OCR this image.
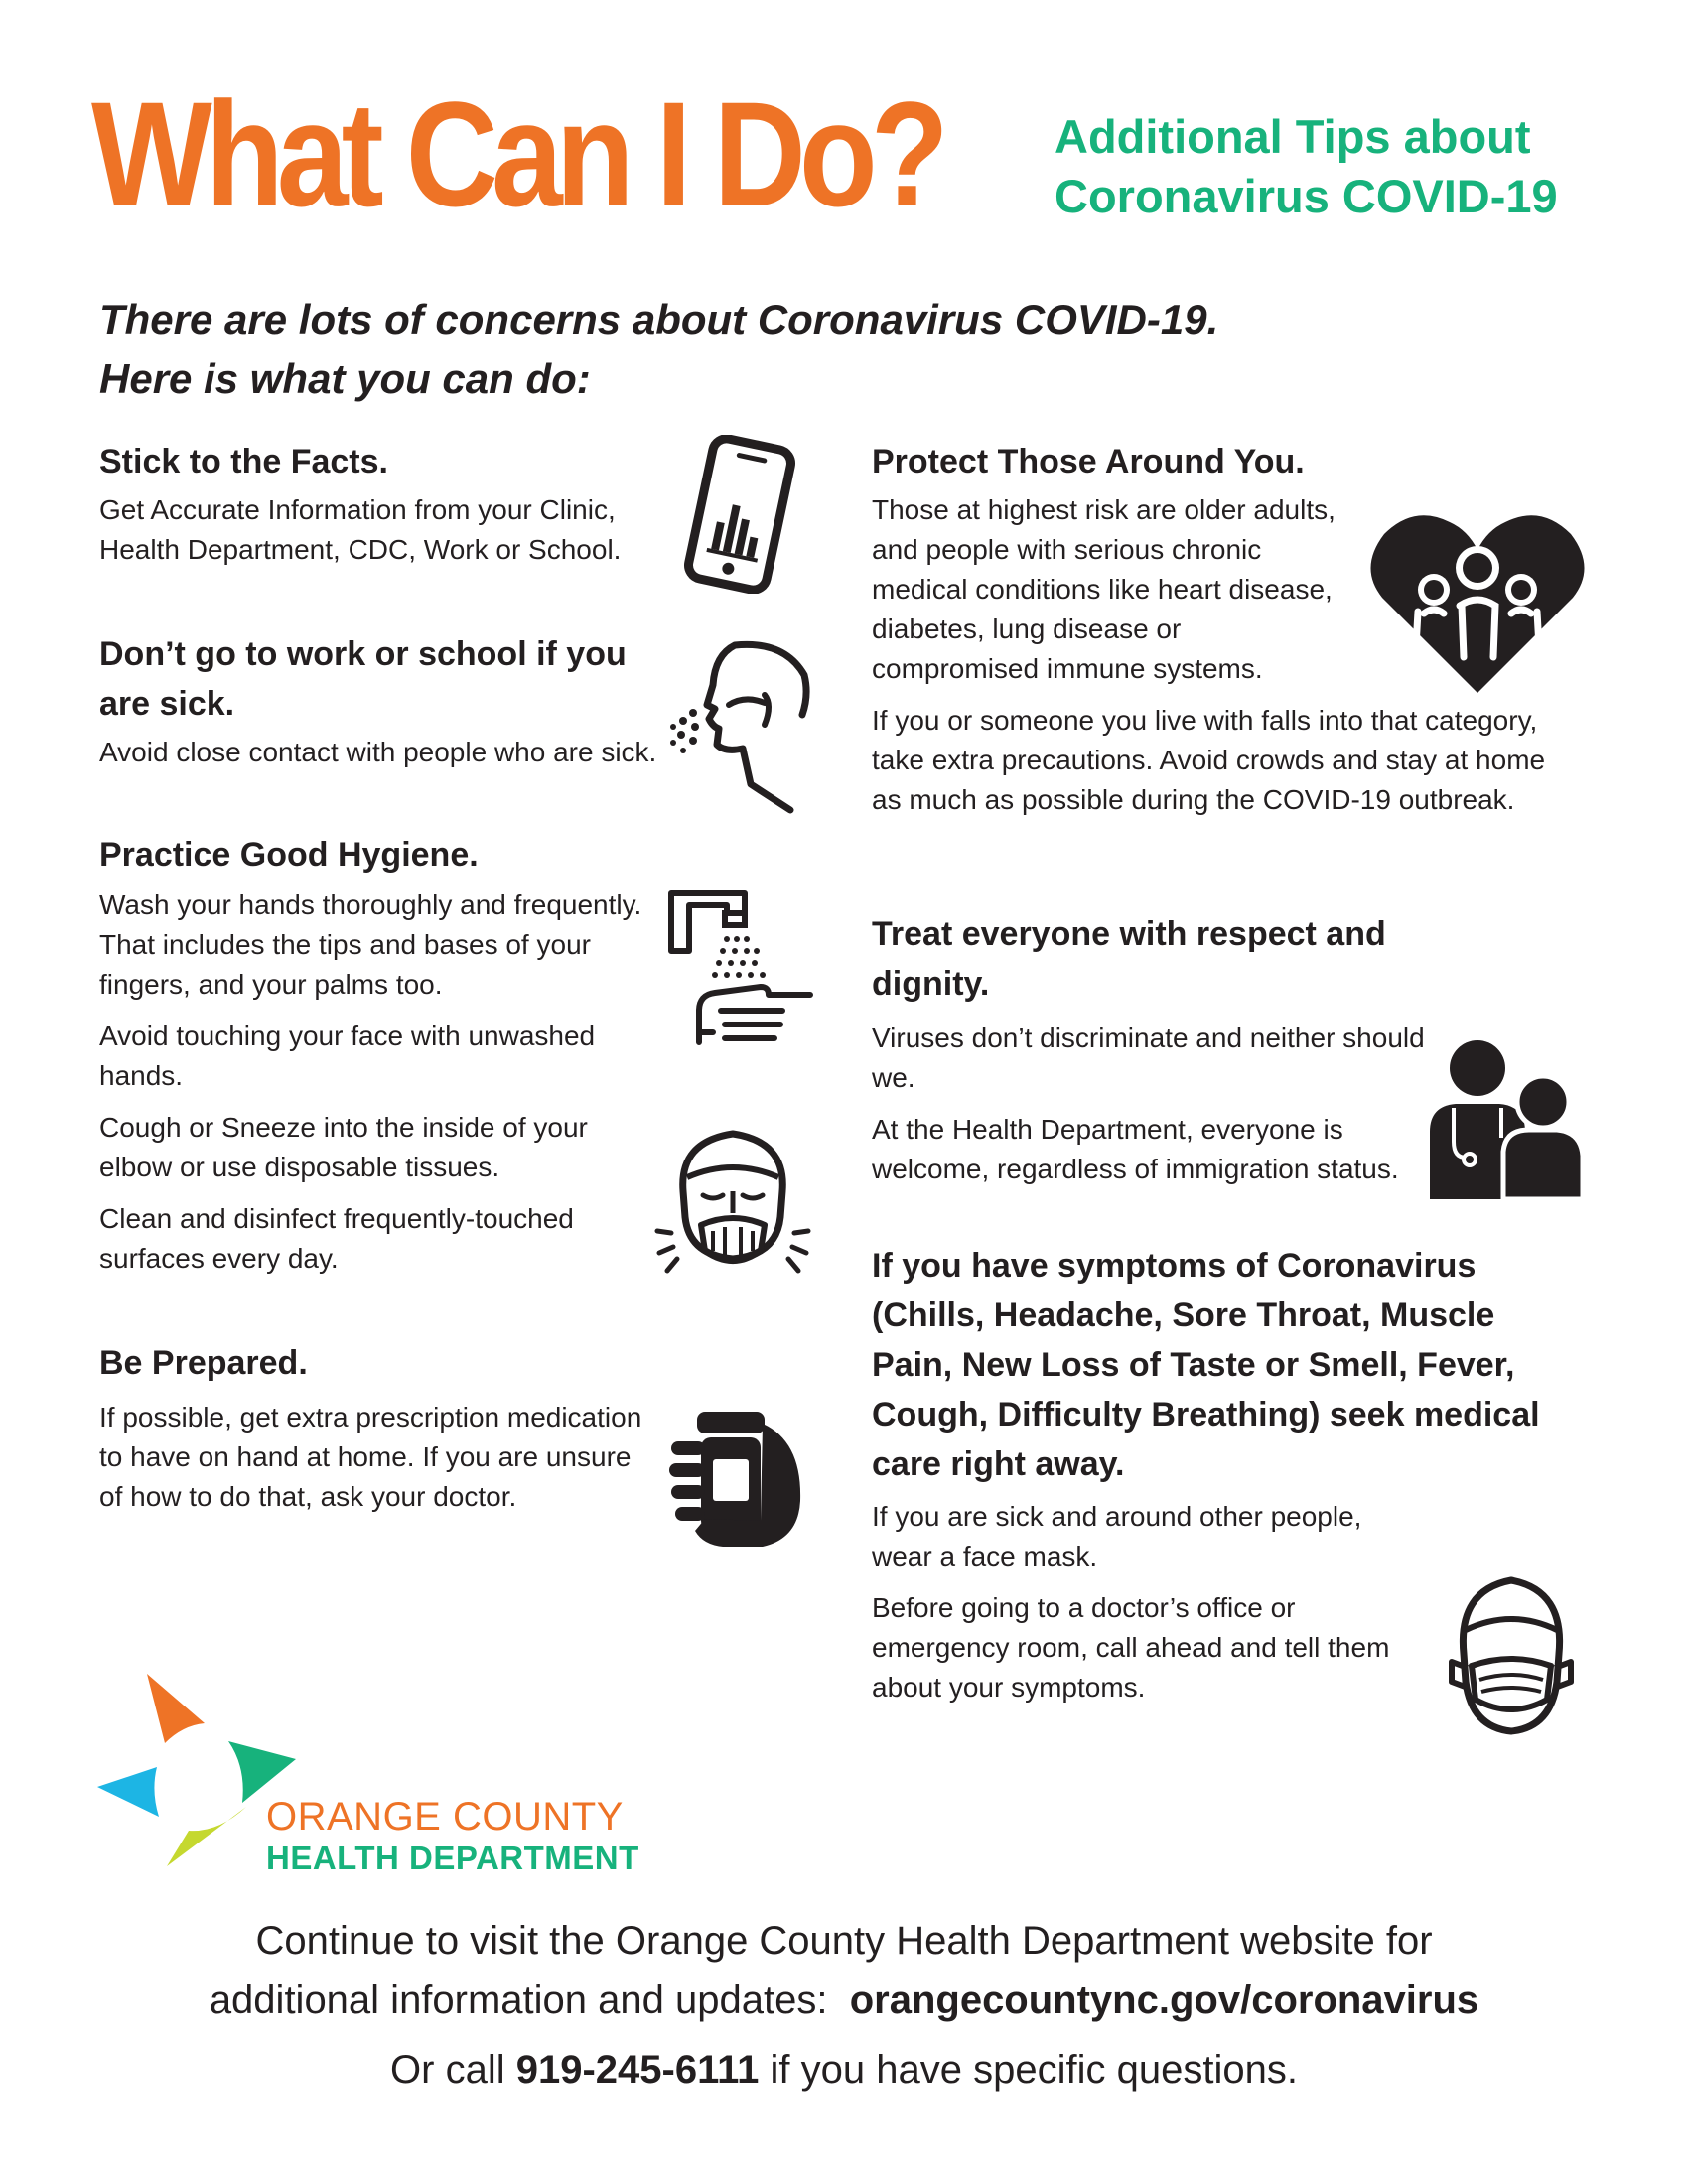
What Can I Do? Additional Tips about
Coronavirus COVID-19
There are lots of concerns about Coronavirus COVID-19.
Here is what you can do:
Stick to the Facts.
Get Accurate Information from your Clinic, Health Department, CDC, Work or School.
Don’t go to work or school if you are sick.
Avoid close contact with people who are sick.
Practice Good Hygiene.

Wash your hands thoroughly and frequently. That includes the tips and bases of your fingers, and your palms too.

Avoid touching your face with unwashed hands.

Cough or Sneeze into the inside of your elbow or use disposable tissues.

Clean and disinfect frequently-touched surfaces every day.

Be Prepared.
If possible, get extra prescription medication to have on hand at home. If you are unsure of how to do that, ask your doctor.
Protect Those Around You.

Those at highest risk are older adults, and people with serious chronic medical conditions like heart disease, diabetes, lung disease or compromised immune systems.

If you or someone you live with falls into that category, take extra precautions. Avoid crowds and stay at home as much as possible during the COVID-19 outbreak.

Treat everyone with respect and dignity.

Viruses don’t discriminate and neither should we.

At the Health Department, everyone is welcome, regardless of immigration status.

If you have symptoms of Coronavirus (Chills, Headache, Sore Throat, Muscle Pain, New Loss of Taste or Smell, Fever, Cough, Difficulty Breathing) seek medical care right away.

If you are sick and around other people, wear a face mask.

Before going to a doctor’s office or emergency room, call ahead and tell them about your symptoms.

ORANGE COUNTY
HEALTH DEPARTMENT
Continue to visit the Orange County Health Department website for
additional information and updates:  orangecountync.gov/coronavirus
Or call 919-245-6111 if you have specific questions.
